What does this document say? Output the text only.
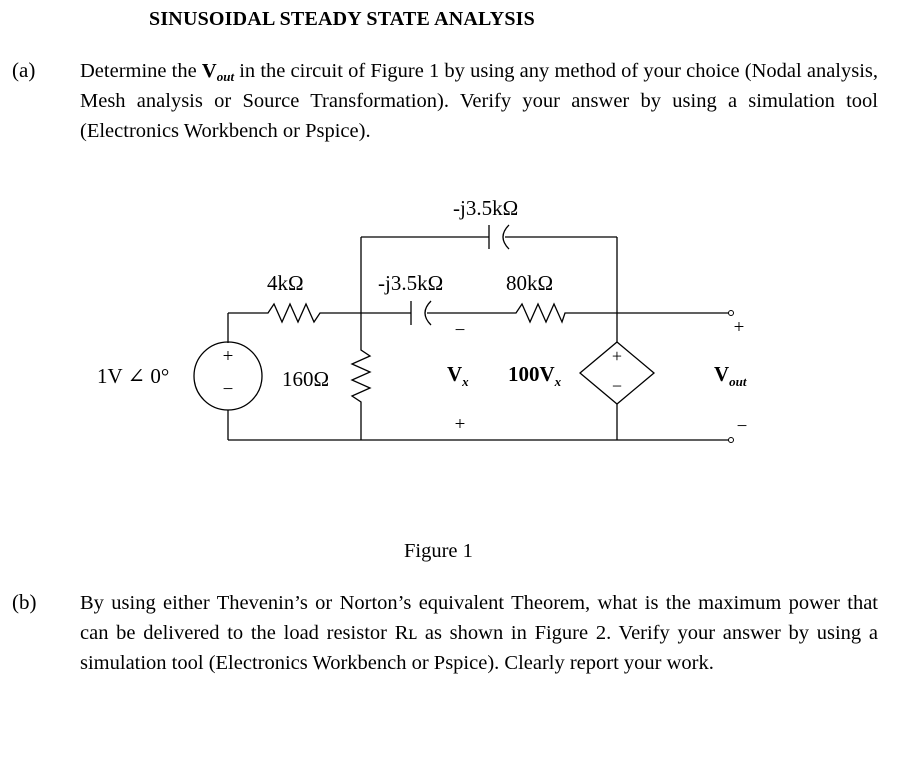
SINUSOIDAL STEADY STATE ANALYSIS
(a) Determine the $V_{out}$ in the circuit of Figure 1 by using any method of your choice (Nodal analysis, Mesh analysis or Source Transformation). Verify your answer by using a simulation tool (Electronics Workbench or Pspice).
+
−
1V ∠ 0°
4kΩ
160Ω
-j3.5kΩ
-j3.5kΩ	80kΩ
−
$V_x$
+
+
−
$100V_x$
+
$V_{out}$
−
Figure 1
(b) By using either Thevenin’s or Norton’s equivalent Theorem, what is the maximum power that can be delivered to the load resistor Rʟ as shown in Figure 2. Verify your answer by using a simulation tool (Electronics Workbench or Pspice). Clearly report your work.
